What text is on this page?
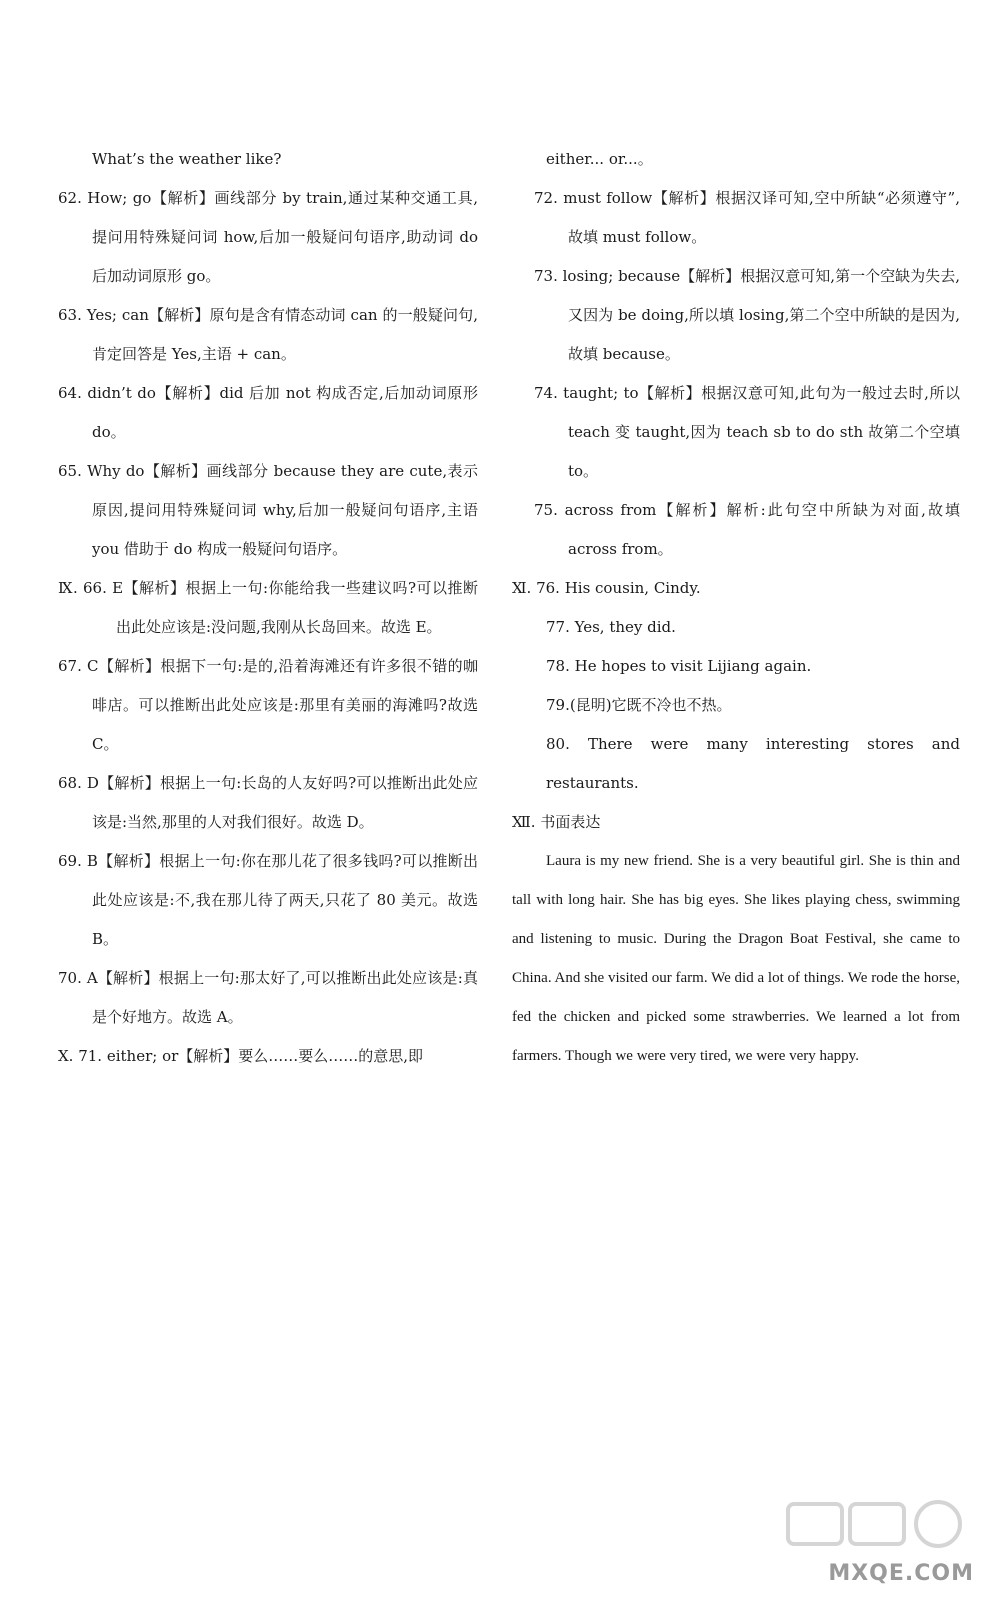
What’s the weather like?

62. How; go【解析】画线部分 by train,通过某种交通工具,提问用特殊疑问词 how,后加一般疑问句语序,助动词 do 后加动词原形 go。

63. Yes; can【解析】原句是含有情态动词 can 的一般疑问句,肯定回答是 Yes,主语 + can。

64. didn’t do【解析】did 后加 not 构成否定,后加动词原形 do。

65. Why do【解析】画线部分 because they are cute,表示原因,提问用特殊疑问词 why,后加一般疑问句语序,主语 you 借助于 do 构成一般疑问句语序。

Ⅸ. 66. E【解析】根据上一句:你能给我一些建议吗?可以推断出此处应该是:没问题,我刚从长岛回来。故选 E。

67. C【解析】根据下一句:是的,沿着海滩还有许多很不错的咖啡店。可以推断出此处应该是:那里有美丽的海滩吗?故选 C。

68. D【解析】根据上一句:长岛的人友好吗?可以推断出此处应该是:当然,那里的人对我们很好。故选 D。

69. B【解析】根据上一句:你在那儿花了很多钱吗?可以推断出此处应该是:不,我在那儿待了两天,只花了 80 美元。故选 B。

70. A【解析】根据上一句:那太好了,可以推断出此处应该是:真是个好地方。故选 A。

Ⅹ. 71. either; or【解析】要么……要么……的意思,即

either... or...。

72. must follow【解析】根据汉译可知,空中所缺“必须遵守”,故填 must follow。

73. losing; because【解析】根据汉意可知,第一个空缺为失去,又因为 be doing,所以填 losing,第二个空中所缺的是因为,故填 because。

74. taught; to【解析】根据汉意可知,此句为一般过去时,所以 teach 变 taught,因为 teach sb to do sth 故第二个空填 to。

75. across from【解析】解析:此句空中所缺为对面,故填 across from。

Ⅺ. 76. His cousin, Cindy.

77. Yes, they did.

78. He hopes to visit Lijiang again.

79.(昆明)它既不冷也不热。

80. There were many interesting stores and restaurants.

Ⅻ. 书面表达

Laura is my new friend. She is a very beautiful girl. She is thin and tall with long hair. She has big eyes. She likes playing chess, swimming and listening to music. During the Dragon Boat Festival, she came to China. And she visited our farm. We did a lot of things. We rode the horse, fed the chicken and picked some strawberries. We learned a lot from farmers. Though we were very tired, we were very happy.

MXQE.COM
